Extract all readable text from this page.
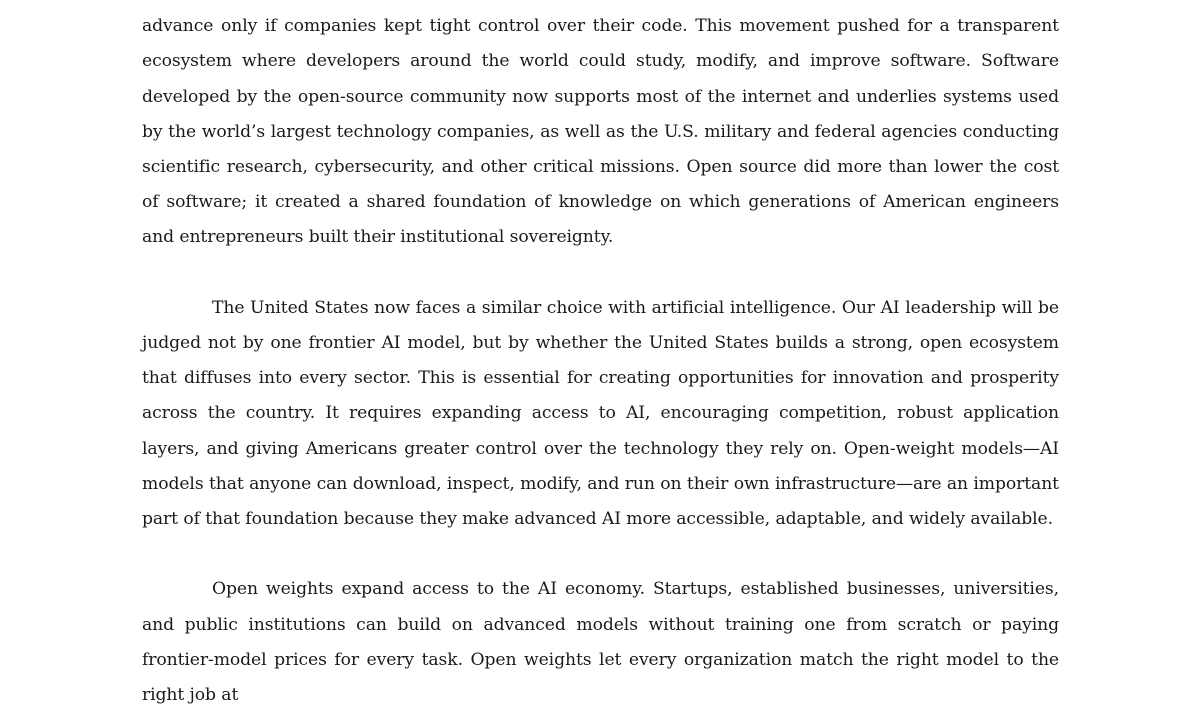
advance only if companies kept tight control over their code. This movement pushed for a transparent ecosystem where developers around the world could study, modify, and improve software. Software developed by the open-source community now supports most of the internet and underlies systems used by the world’s largest technology companies, as well as the U.S. military and federal agencies conducting scientific research, cybersecurity, and other critical missions. Open source did more than lower the cost of software; it created a shared foundation of knowledge on which generations of American engineers and entrepreneurs built their institutional sovereignty.

The United States now faces a similar choice with artificial intelligence. Our AI leadership will be judged not by one frontier AI model, but by whether the United States builds a strong, open ecosystem that diffuses into every sector. This is essential for creating opportunities for innovation and prosperity across the country. It requires expanding access to AI, encouraging competition, robust application layers, and giving Americans greater control over the technology they rely on. Open-weight models—AI models that anyone can download, inspect, modify, and run on their own infrastructure—are an important part of that foundation because they make advanced AI more accessible, adaptable, and widely available.

Open weights expand access to the AI economy. Startups, established businesses, universities, and public institutions can build on advanced models without training one from scratch or paying frontier-model prices for every task. Open weights let every organization match the right model to the right job at
